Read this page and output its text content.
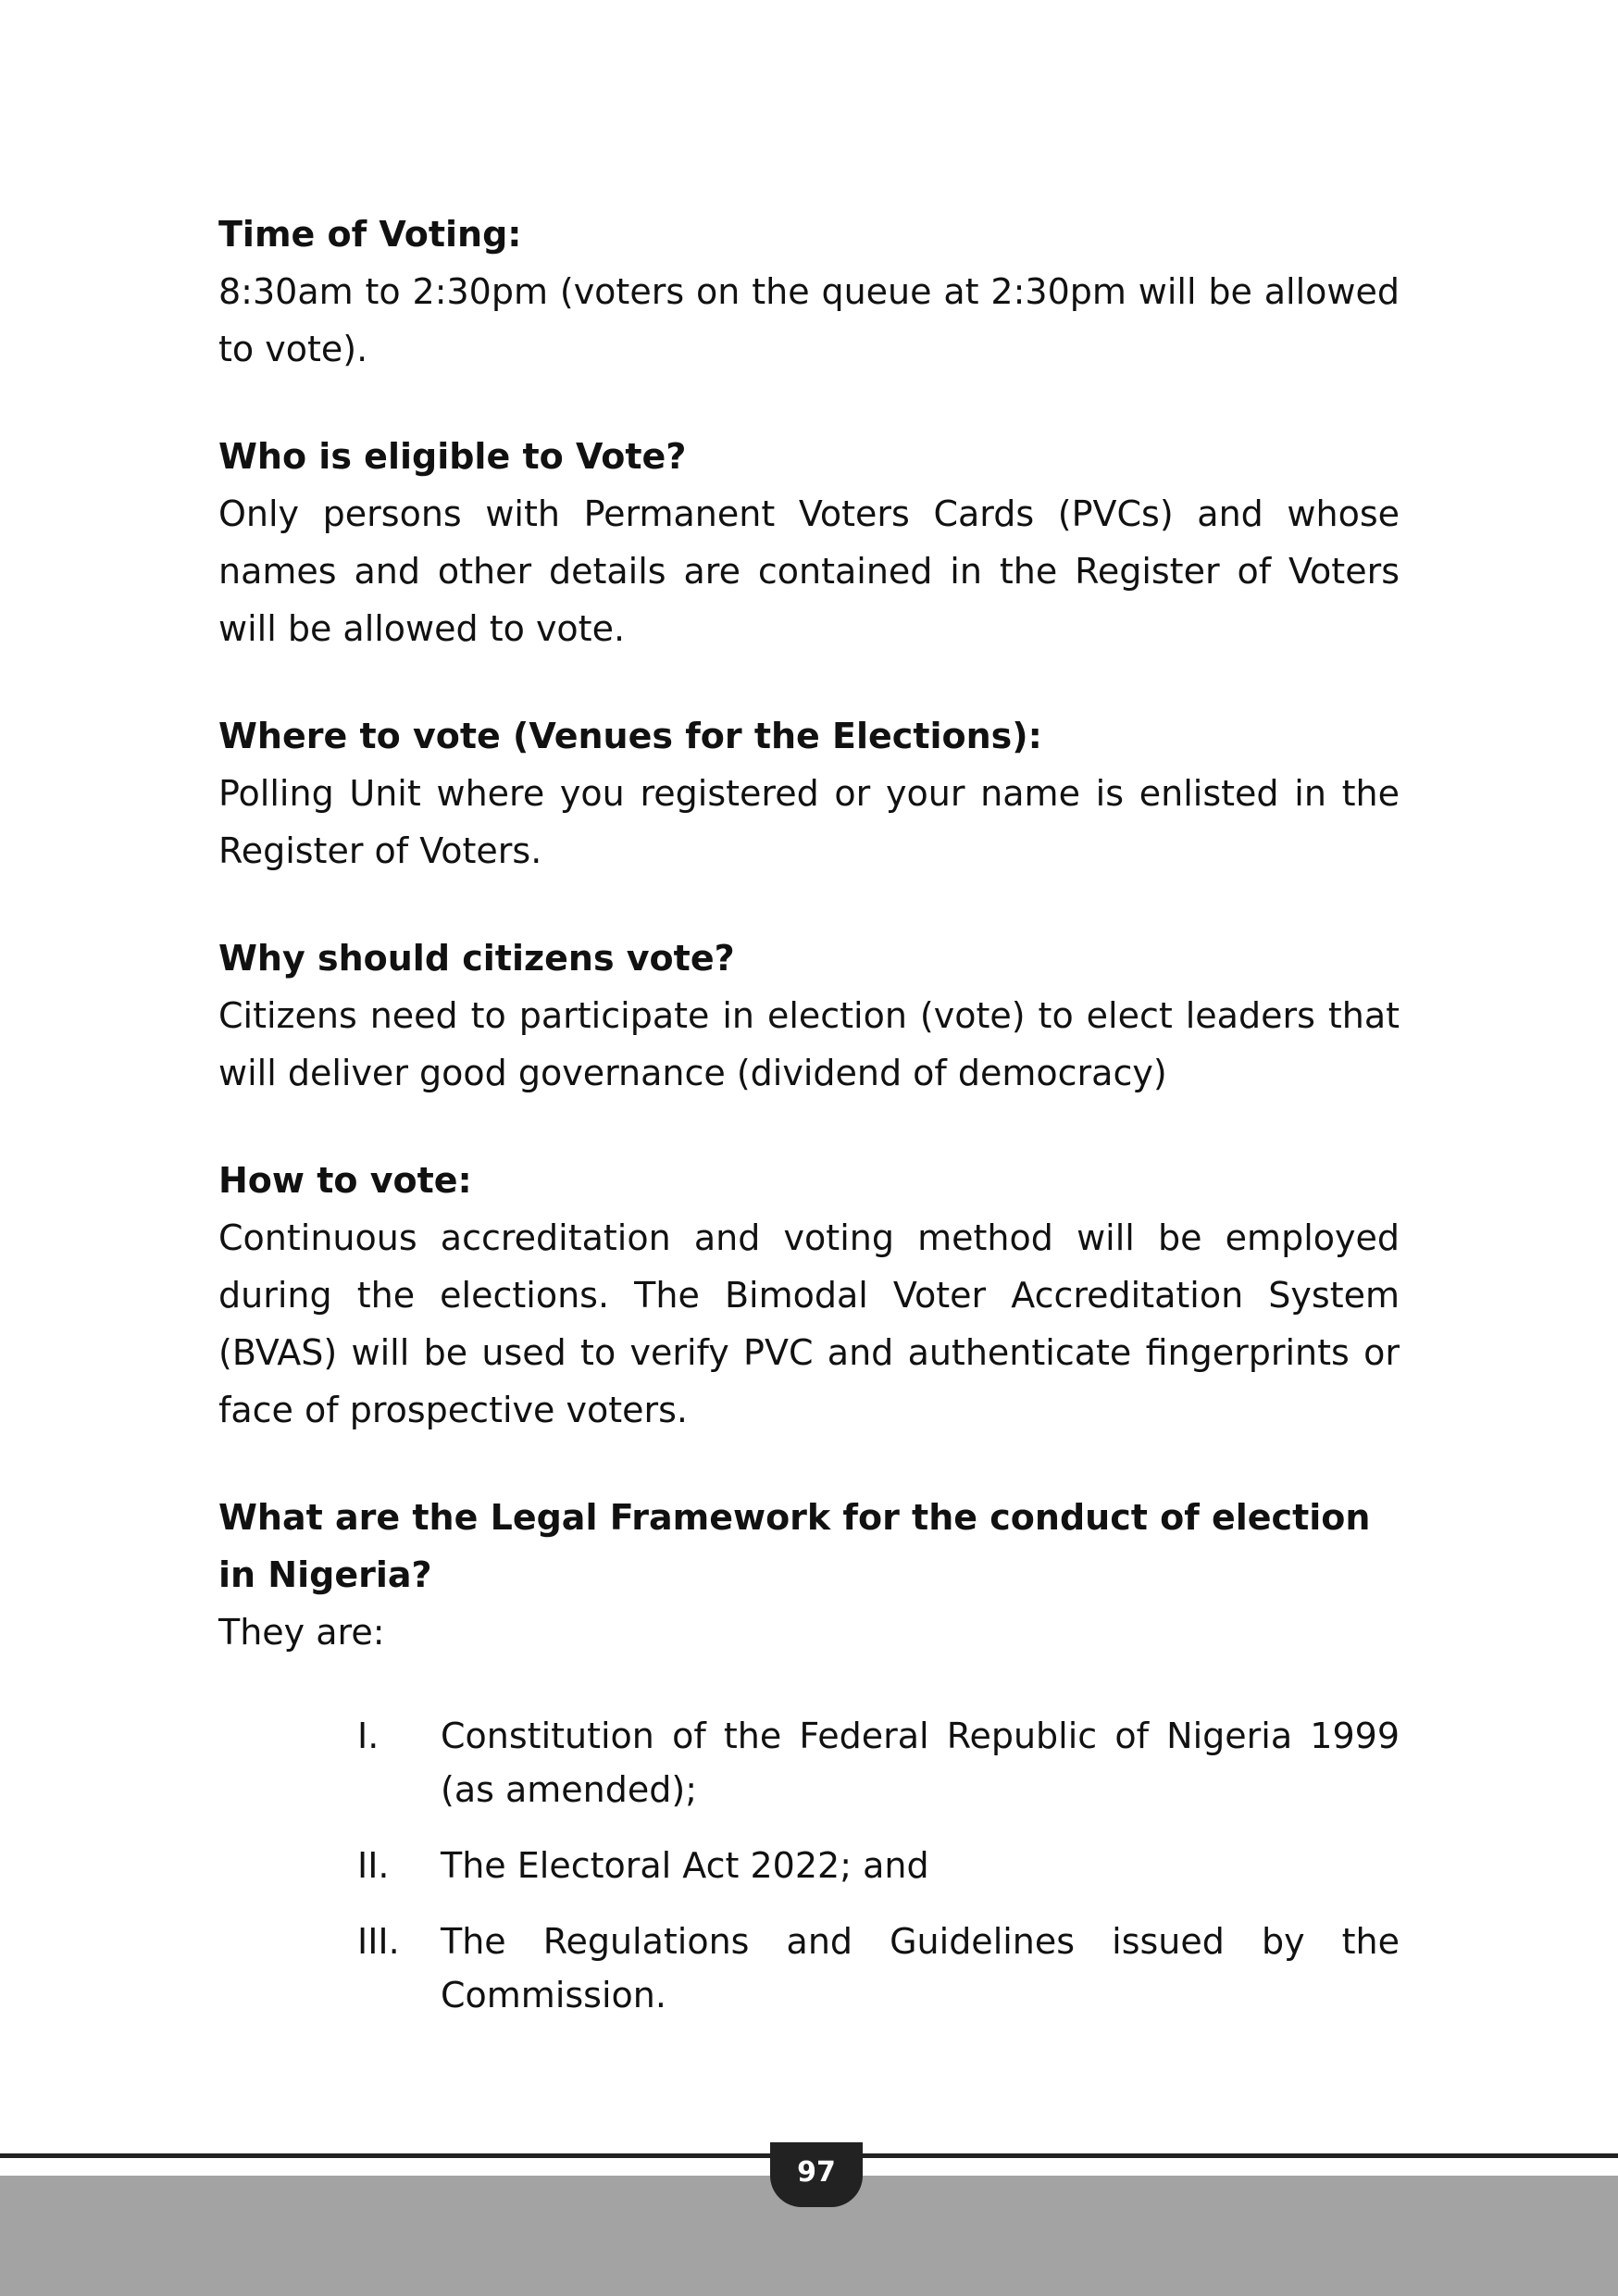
Time of Voting:

8:30am to 2:30pm (voters on the queue at 2:30pm will be allowed to vote).

Who is eligible to Vote?

Only persons with Permanent Voters Cards (PVCs) and whose names and other details are contained in the Register of Voters will be allowed to vote.

Where to vote (Venues for the Elections):

Polling Unit where you registered or your name is enlisted in the Register of Voters.

Why should citizens vote?

Citizens need to participate in election (vote) to elect leaders that will deliver good governance (dividend of democracy)

How to vote:

Continuous accreditation and voting method will be employed during the elections. The Bimodal Voter Accreditation System (BVAS) will be used to verify PVC and authenticate fingerprints or face of prospective voters.

What are the Legal Framework for the conduct of election in Nigeria?

They are:

I.	Constitution of the Federal Republic of Nigeria 1999 (as amended);
II.	The Electoral Act 2022; and
III.	The Regulations and Guidelines issued by the Commission.
97
